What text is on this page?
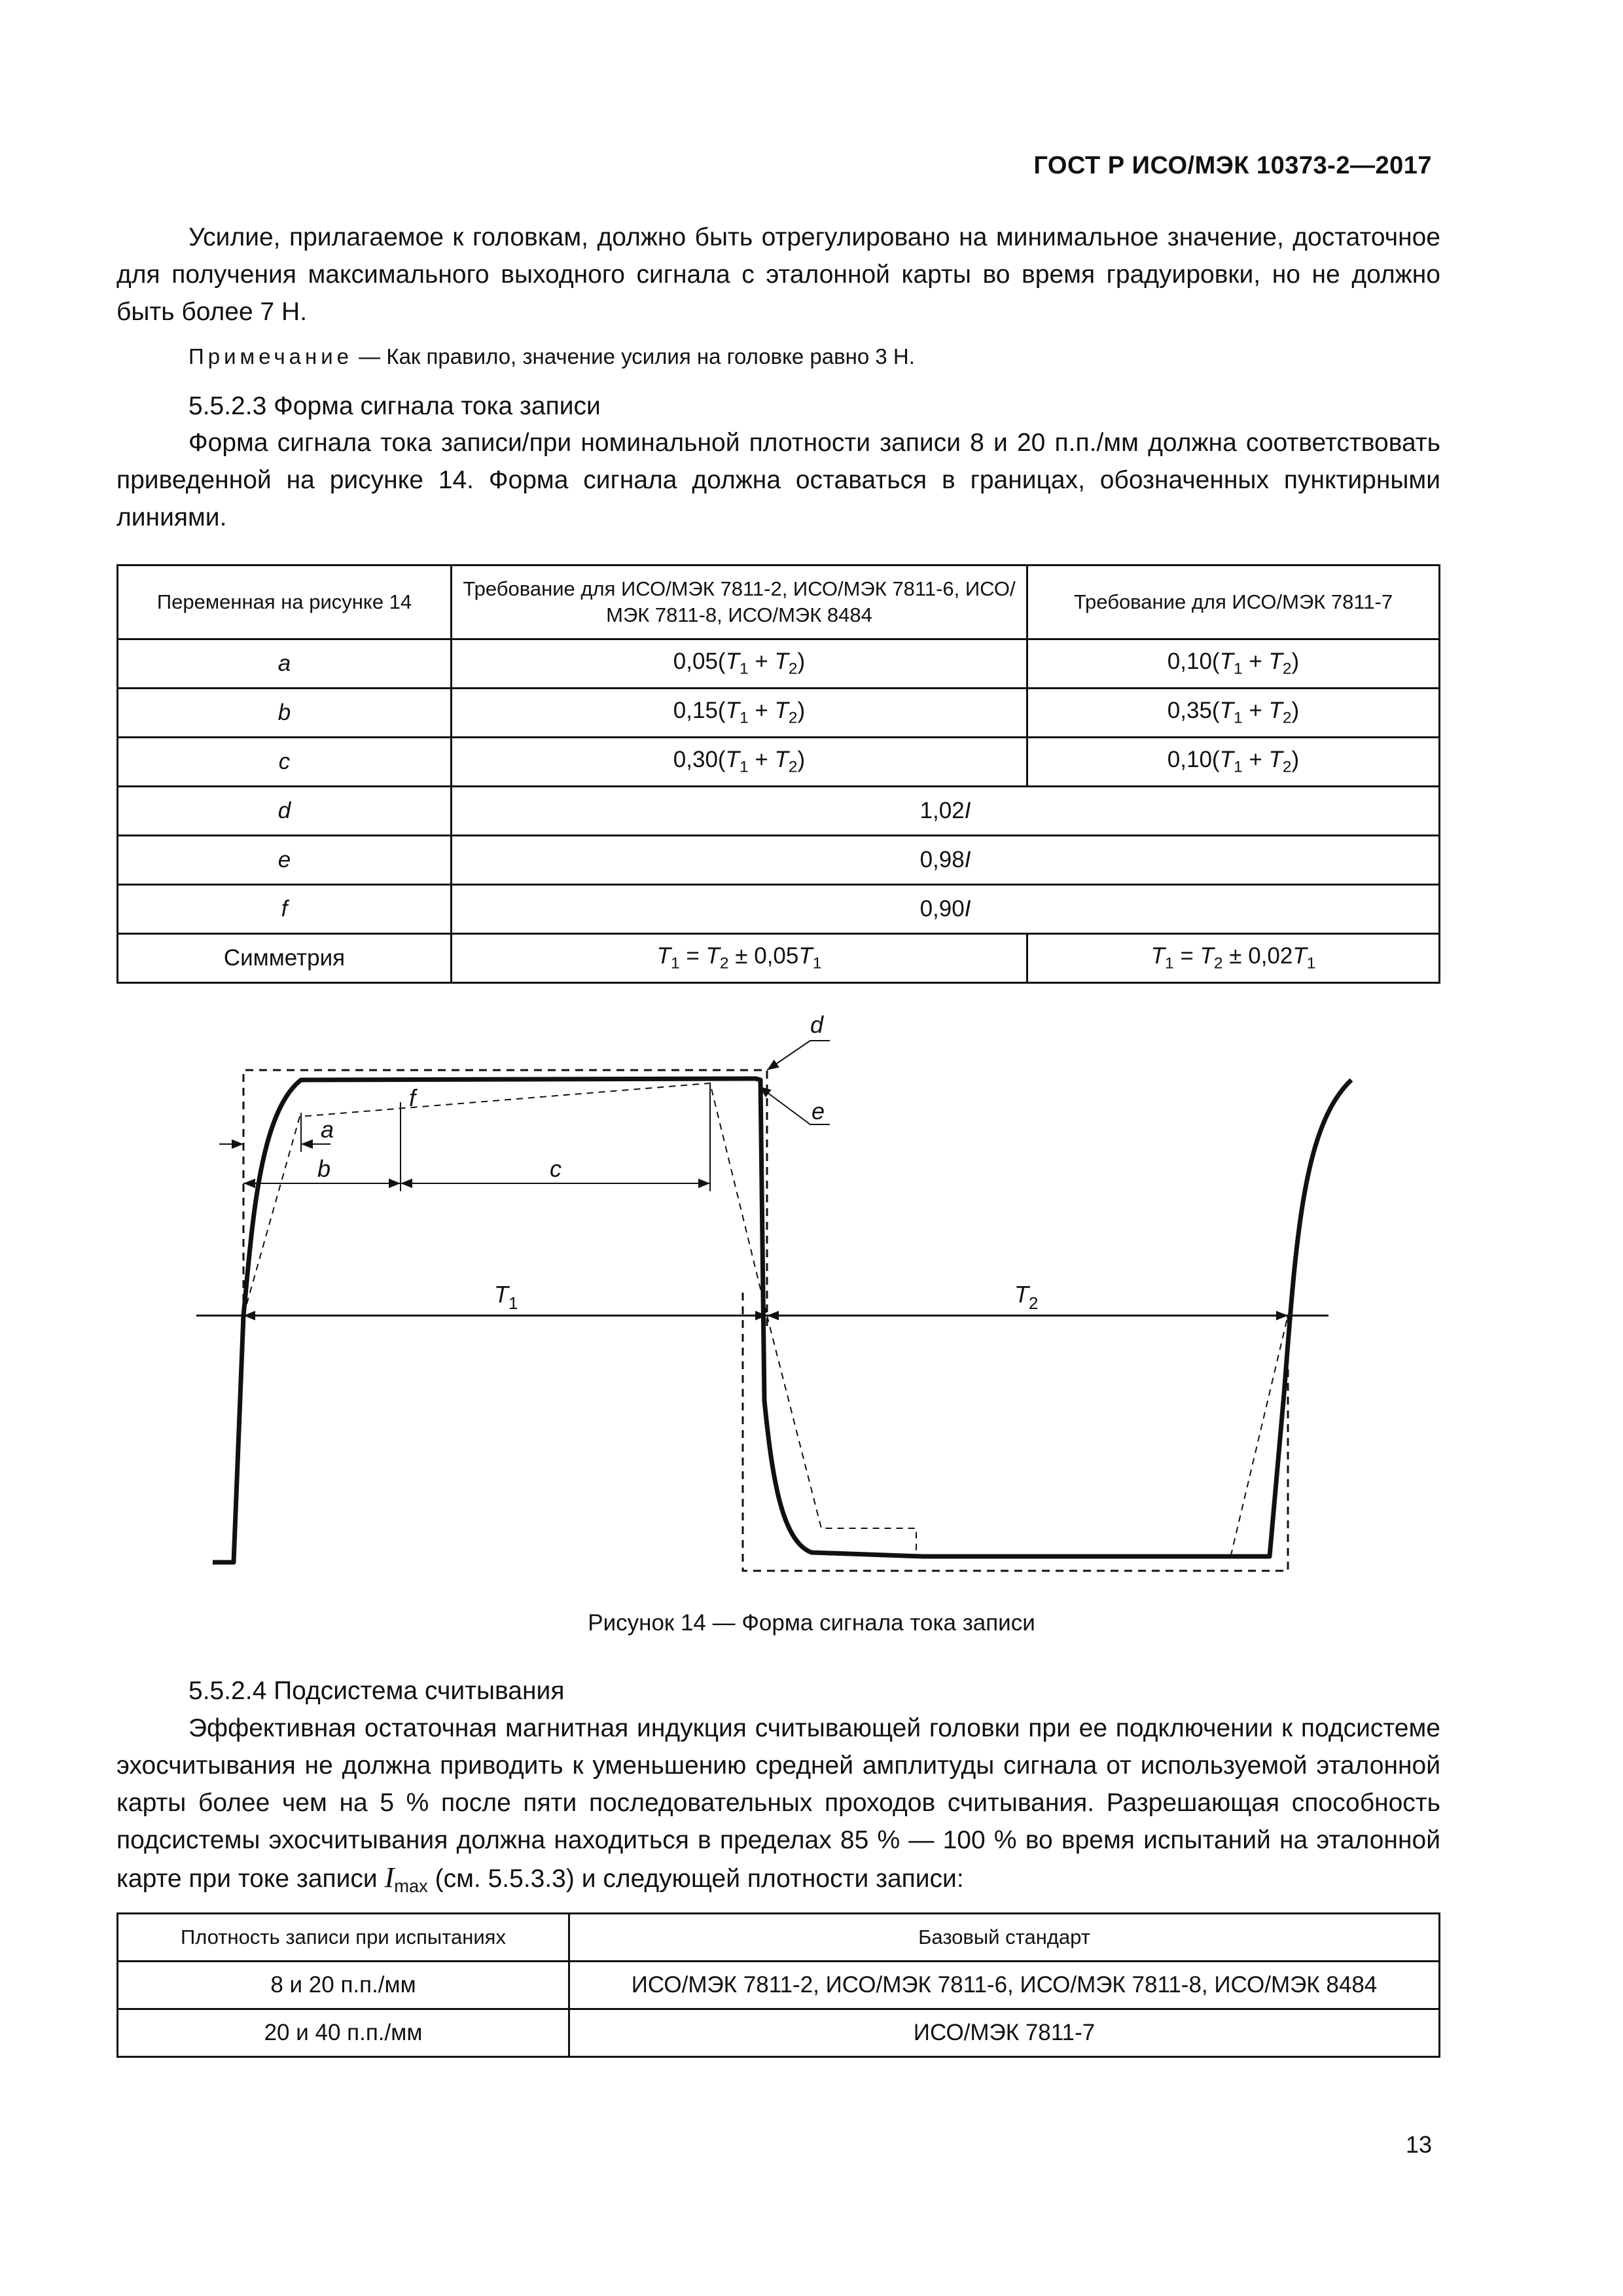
ГОСТ Р ИСО/МЭК 10373-2—2017
Усилие, прилагаемое к головкам, должно быть отрегулировано на минимальное значение, достаточное для получения максимального выходного сигнала с эталонной карты во время градуировки, но не должно быть более 7 Н.
Примечание — Как правило, значение усилия на головке равно 3 Н.
5.5.2.3 Форма сигнала тока записи
Форма сигнала тока записи/при номинальной плотности записи 8 и 20 п.п./мм должна соответствовать приведенной на рисунке 14. Форма сигнала должна оставаться в границах, обозначенных пунктирными линиями.
Переменная на рисунке 14	Требование для ИСО/МЭК 7811-2, ИСО/МЭК 7811-6, ИСО/МЭК 7811-8, ИСО/МЭК 8484	Требование для ИСО/МЭК 7811-7
a	$0,05(T_1 + T_2)$	$0,10(T_1 + T_2)$
b	$0,15(T_1 + T_2)$	$0,35(T_1 + T_2)$
c	$0,30(T_1 + T_2)$	$0,10(T_1 + T_2)$
d	1,02I	
e	0,98I	
f	0,90I	
Симметрия	$T_1 = T_2 \pm 0,05T_1$	$T_1 = T_2 \pm 0,02T_1$
a
b	c
d
e
f
$T_1$	$T_2$
Рисунок 14 — Форма сигнала тока записи
5.5.2.4 Подсистема считывания
Эффективная остаточная магнитная индукция считывающей головки при ее подключении к подсистеме эхосчитывания не должна приводить к уменьшению средней амплитуды сигнала от используемой эталонной карты более чем на 5 % после пяти последовательных проходов считывания. Разрешающая способность подсистемы эхосчитывания должна находиться в пределах 85 % — 100 % во время испытаний на эталонной карте при токе записи $I_{max}$ (см. 5.5.3.3) и следующей плотности записи:
Плотность записи при испытаниях	Базовый стандарт
8 и 20 п.п./мм	ИСО/МЭК 7811-2, ИСО/МЭК 7811-6, ИСО/МЭК 7811-8, ИСО/МЭК 8484
20 и 40 п.п./мм	ИСО/МЭК 7811-7
13
